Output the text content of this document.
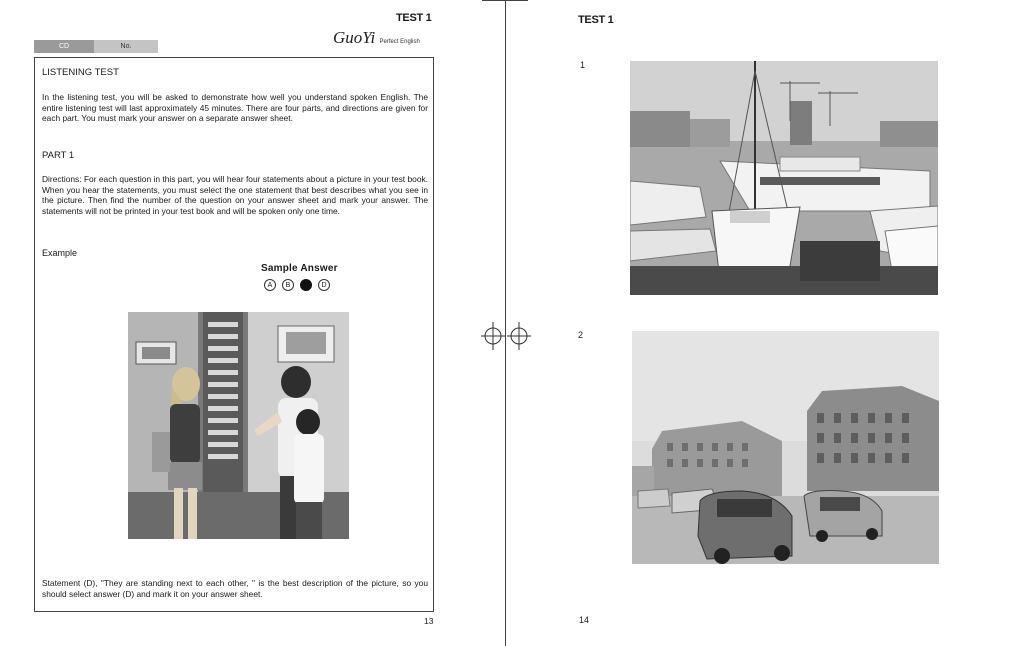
TEST 1
CD	No.	GuoYi Perfect English
LISTENING TEST
In the listening test, you will be asked to demonstrate how well you understand spoken English. The entire listening test will last approximately 45 minutes. There are four parts, and directions are given for each part. You must mark your answer on a separate answer sheet.
PART 1
Directions: For each question in this part, you will hear four statements about a picture in your test book. When you hear the statements, you must select the one statement that best describes what you see in the picture. Then find the number of the question on your answer sheet and mark your answer. The statements will not be printed in your test book and will be spoken only one time.
Example
Sample Answer
A B	D
Statement (D), "They are standing next to each other, " is the best description of the picture, so you should select answer (D) and mark it on your answer sheet.
13
TEST 1
1
2
14
